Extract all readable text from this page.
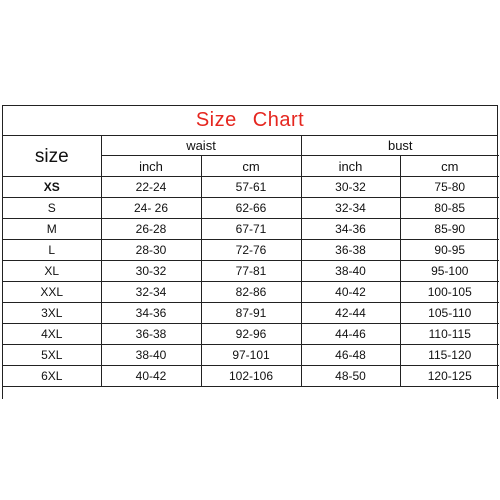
Size Chart
size	waist		bust	
	inch	cm	inch	cm
XS	22-24	57-61	30-32	75-80
S	24- 26	62-66	32-34	80-85
M	26-28	67-71	34-36	85-90
L	28-30	72-76	36-38	90-95
XL	30-32	77-81	38-40	95-100
XXL	32-34	82-86	40-42	100-105
3XL	34-36	87-91	42-44	105-110
4XL	36-38	92-96	44-46	110-115
5XL	38-40	97-101	46-48	115-120
6XL	40-42	102-106	48-50	120-125
